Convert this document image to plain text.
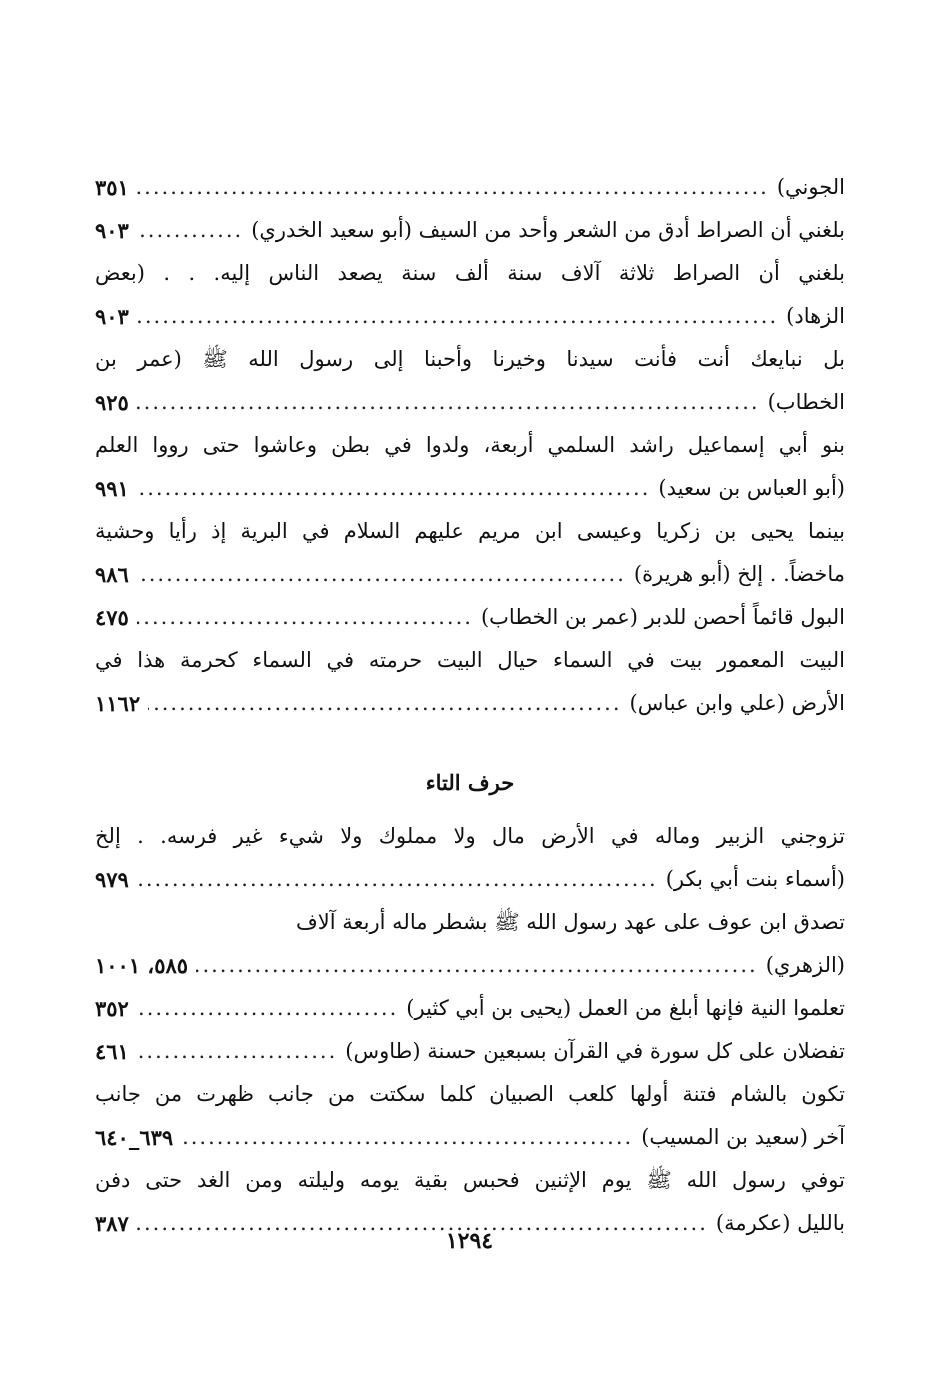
الجوني)
.....
٣٥١
بلغني أن الصراط أدق من الشعر وأحد من السيف (أبو سعيد الخدري)
.....
٩٠٣
بلغني أن الصراط ثلاثة آلاف سنة ألف سنة يصعد الناس إليه. . . (بعض
الزهاد)
.....
٩٠٣
بل نبايعك أنت فأنت سيدنا وخيرنا وأحبنا إلى رسول الله ﷺ (عمر بن
الخطاب)
.....
٩٢٥
بنو أبي إسماعيل راشد السلمي أربعة، ولدوا في بطن وعاشوا حتى رووا العلم
(أبو العباس بن سعيد)
.....
٩٩١
بينما يحيى بن زكريا وعيسى ابن مريم عليهم السلام في البرية إذ رأيا وحشية
ماخضاً. . إلخ (أبو هريرة)
.....
٩٨٦
البول قائماً أحصن للدبر (عمر بن الخطاب)
.....
٤٧٥
البيت المعمور بيت في السماء حيال البيت حرمته في السماء كحرمة هذا في
الأرض (علي وابن عباس)
.....
١١٦٢
حرف التاء
تزوجني الزبير وماله في الأرض مال ولا مملوك ولا شيء غير فرسه. . إلخ
(أسماء بنت أبي بكر)
.....
٩٧٩
تصدق ابن عوف على عهد رسول الله ﷺ بشطر ماله أربعة آلاف
(الزهري)
.....
٥٨٥، ١٠٠١
تعلموا النية فإنها أبلغ من العمل (يحيى بن أبي كثير)
.....
٣٥٢
تفضلان على كل سورة في القرآن بسبعين حسنة (طاوس)
.....
٤٦١
تكون بالشام فتنة أولها كلعب الصبيان كلما سكتت من جانب ظهرت من جانب
آخر (سعيد بن المسيب)
.....
٦٣٩_٦٤٠
توفي رسول الله ﷺ يوم الإثنين فحبس بقية يومه وليلته ومن الغد حتى دفن
بالليل (عكرمة)
.....
٣٨٧
١٢٩٤
